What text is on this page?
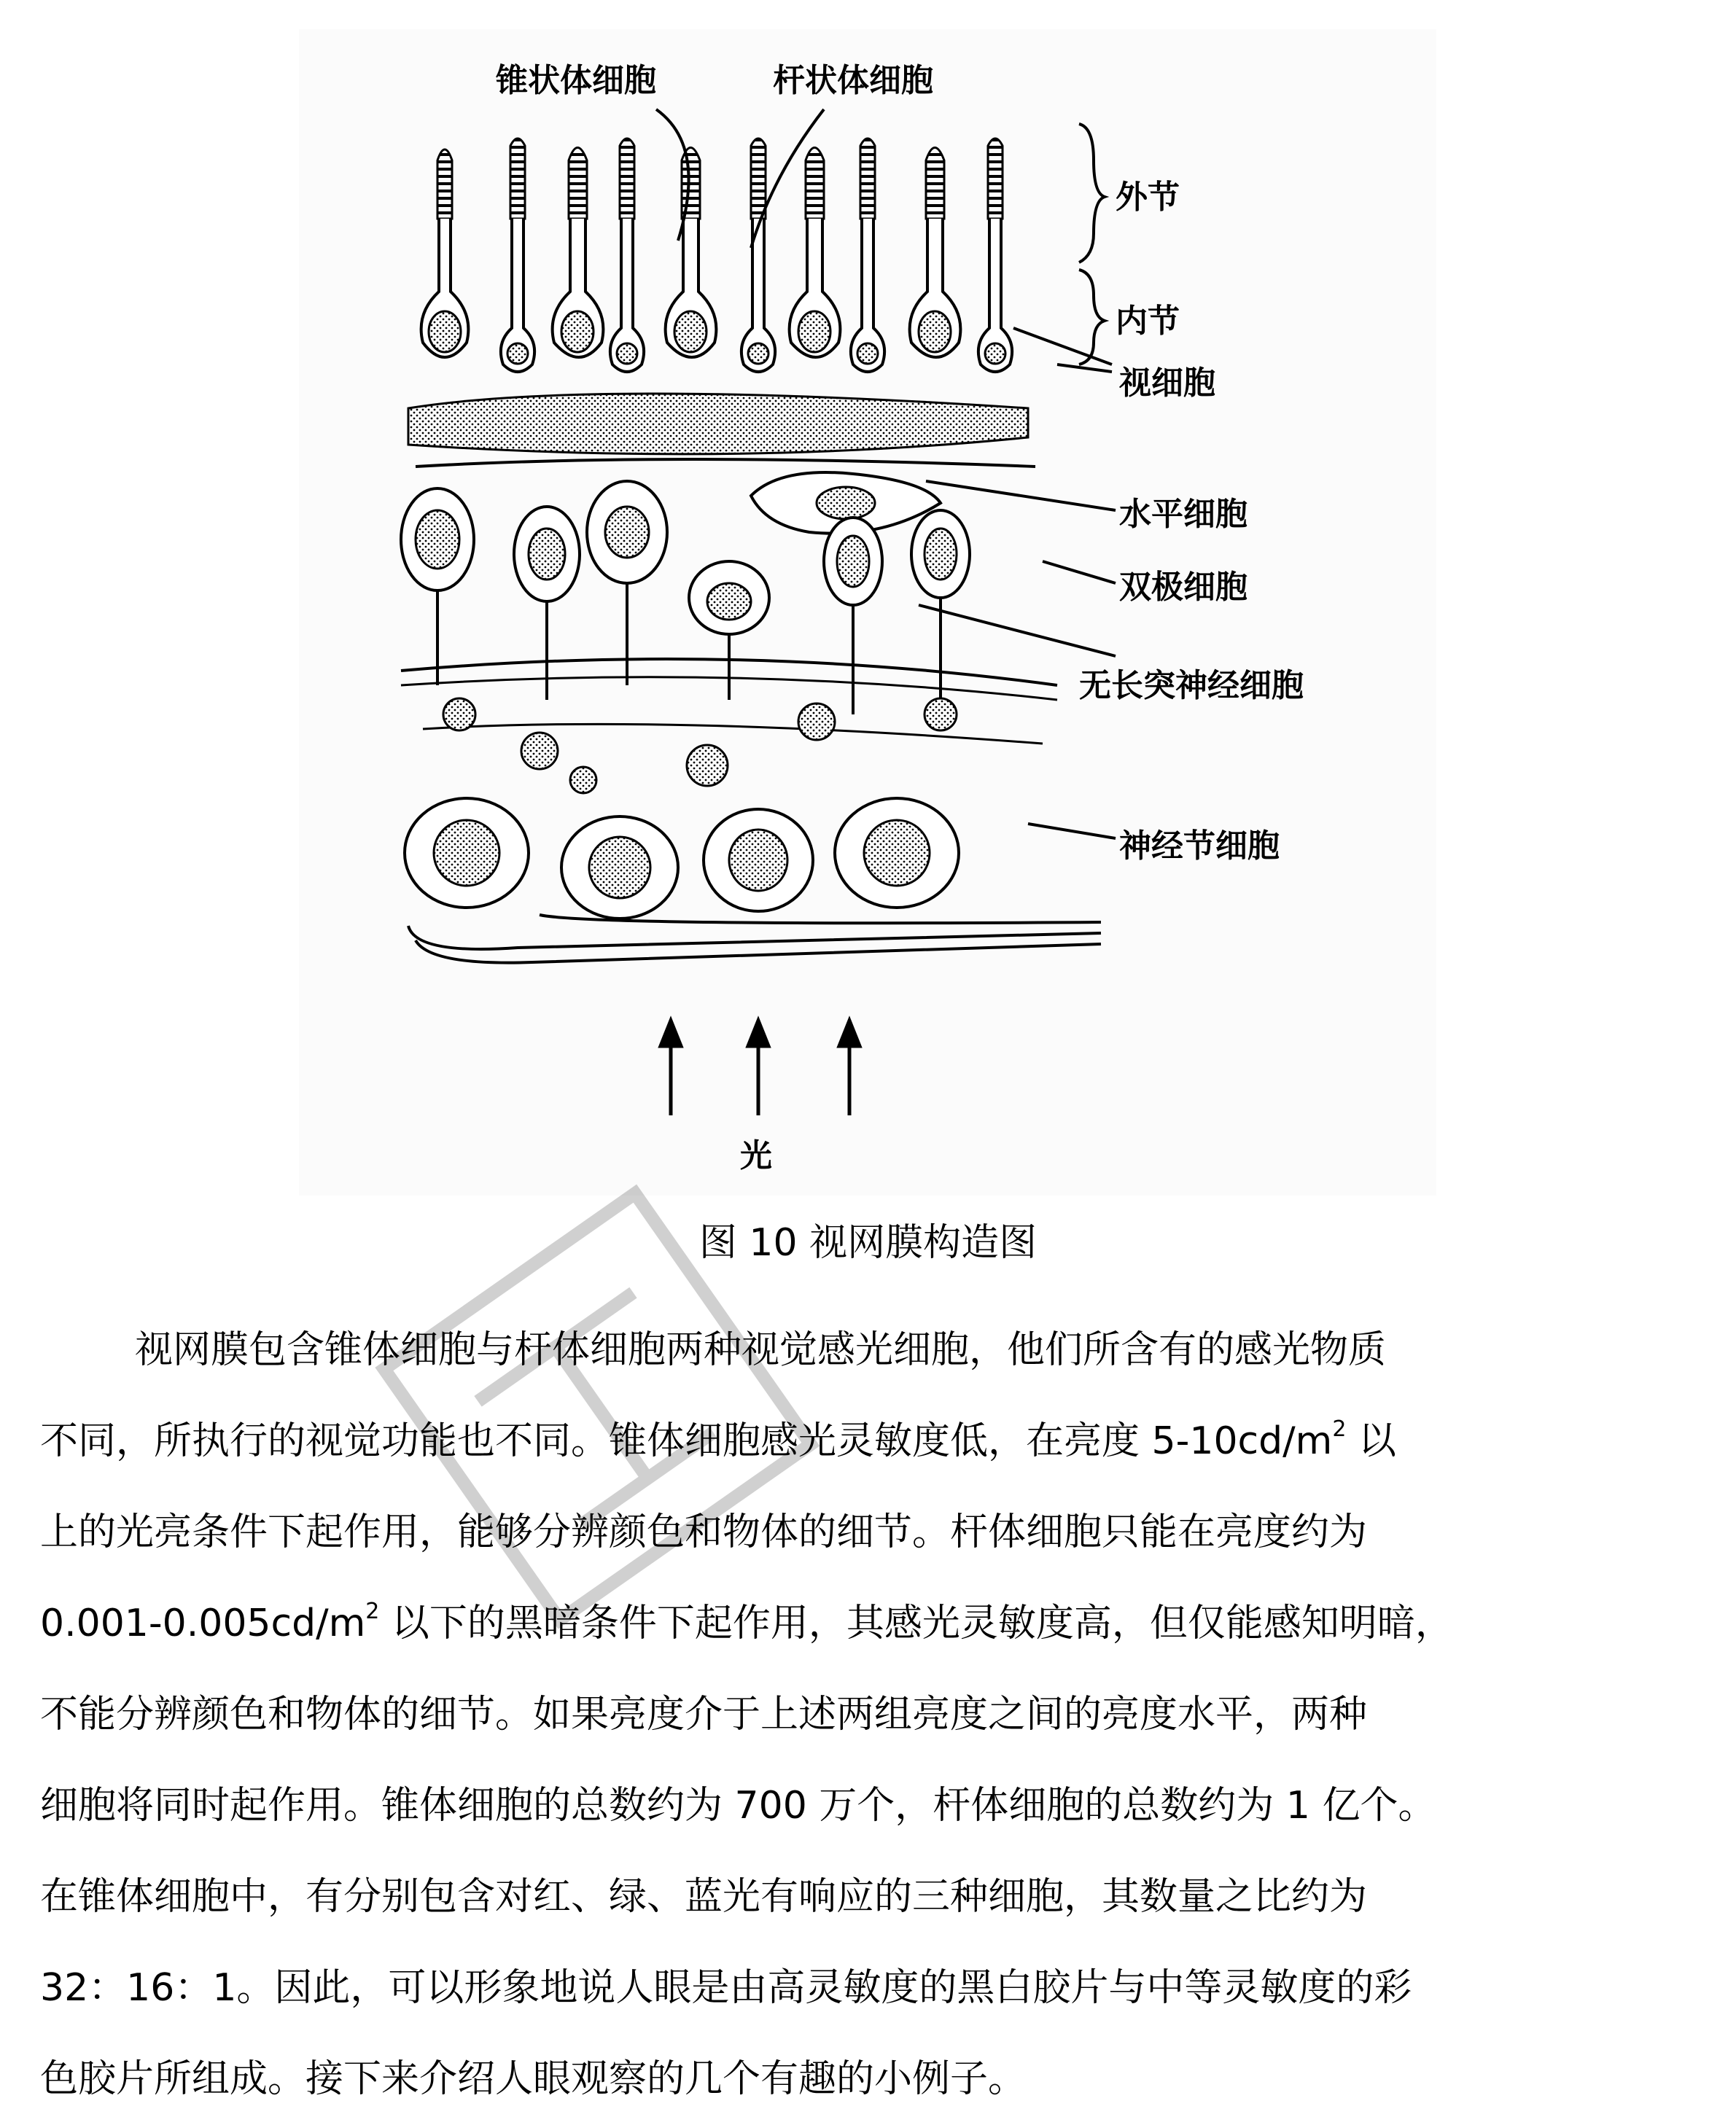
锥状体细胞	杆状体细胞
外节
内节
视细胞
水平细胞
双极细胞
无长突神经细胞
神经节细胞
光
图 10 视网膜构造图
视网膜包含锥体细胞与杆体细胞两种视觉感光细胞，他们所含有的感光物质
不同，所执行的视觉功能也不同。锥体细胞感光灵敏度低，在亮度 $5-10cd/m^2$ 以
上的光亮条件下起作用，能够分辨颜色和物体的细节。杆体细胞只能在亮度约为
$0.001-0.005cd/m^2$ 以下的黑暗条件下起作用，其感光灵敏度高，但仅能感知明暗，
不能分辨颜色和物体的细节。如果亮度介于上述两组亮度之间的亮度水平，两种
细胞将同时起作用。锥体细胞的总数约为 700 万个，杆体细胞的总数约为 1 亿个。
在锥体细胞中，有分别包含对红、绿、蓝光有响应的三种细胞，其数量之比约为
32：16：1。因此，可以形象地说人眼是由高灵敏度的黑白胶片与中等灵敏度的彩
色胶片所组成。接下来介绍人眼观察的几个有趣的小例子。
